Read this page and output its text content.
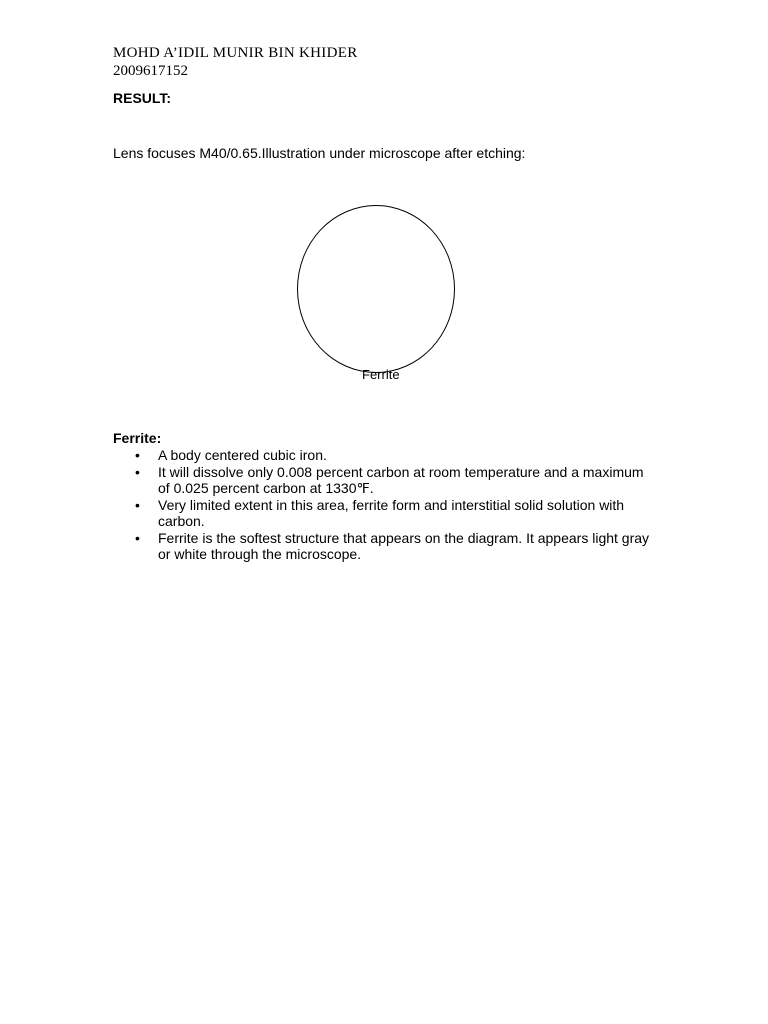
MOHD A’IDIL MUNIR BIN KHIDER
2009617152
RESULT:
Lens focuses M40/0.65.Illustration under microscope after etching:
Ferrite
Ferrite:
• A body centered cubic iron.
• It will dissolve only 0.008 percent carbon at room temperature and a maximum of 0.025 percent carbon at 1330℉.
• Very limited extent in this area, ferrite form and interstitial solid solution with carbon.
• Ferrite is the softest structure that appears on the diagram. It appears light gray or white through the microscope.
